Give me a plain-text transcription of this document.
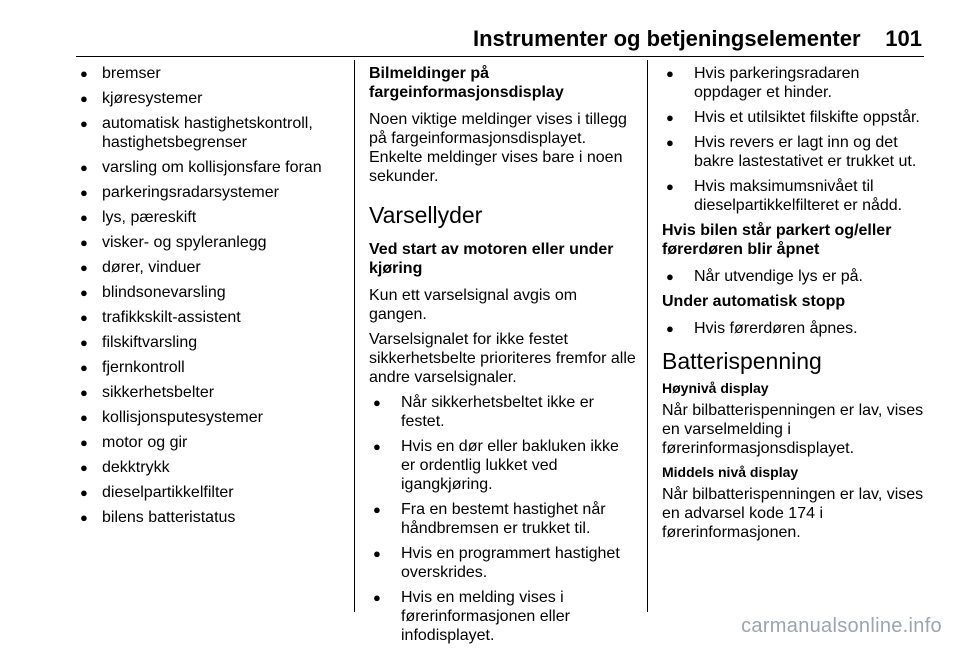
Instrumenter og betjeningselementer 101
● bremser
● kjøresystemer
● automatisk hastighetskontroll, hastighetsbegrenser
● varsling om kollisjonsfare foran
● parkeringsradarsystemer
● lys, pæreskift
● visker- og spyleranlegg
● dører, vinduer
● blindsonevarsling
● trafikkskilt-assistent
● filskiftvarsling
● fjernkontroll
● sikkerhetsbelter
● kollisjonsputesystemer
● motor og gir
● dekktrykk
● dieselpartikkelfilter
● bilens batteristatus
Bilmeldinger på fargeinformasjonsdisplay

Noen viktige meldinger vises i tillegg på fargeinformasjonsdisplayet. Enkelte meldinger vises bare i noen sekunder.

Varsellyder
Ved start av motoren eller under kjøring

Kun ett varselsignal avgis om gangen.

Varselsignalet for ikke festet sikkerhetsbelte prioriteres fremfor alle andre varselsignaler.

● Når sikkerhetsbeltet ikke er festet.
● Hvis en dør eller bakluken ikke er ordentlig lukket ved igangkjøring.
● Fra en bestemt hastighet når håndbremsen er trukket til.
● Hvis en programmert hastighet overskrides.
● Hvis en melding vises i førerinformasjonen eller infodisplayet.
● Hvis parkeringsradaren oppdager et hinder.
● Hvis et utilsiktet filskifte oppstår.
● Hvis revers er lagt inn og det bakre lastestativet er trukket ut.
● Hvis maksimumsnivået til dieselpartikkelfilteret er nådd.
Hvis bilen står parkert og/eller førerdøren blir åpnet
● Når utvendige lys er på.
Under automatisk stopp
● Hvis førerdøren åpnes.
Batterispenning
Høynivå display

Når bilbatterispenningen er lav, vises en varselmelding i førerinformasjonsdisplayet.

Middels nivå display

Når bilbatterispenningen er lav, vises en advarsel kode 174 i førerinformasjonen.

carmanualsonline.info
